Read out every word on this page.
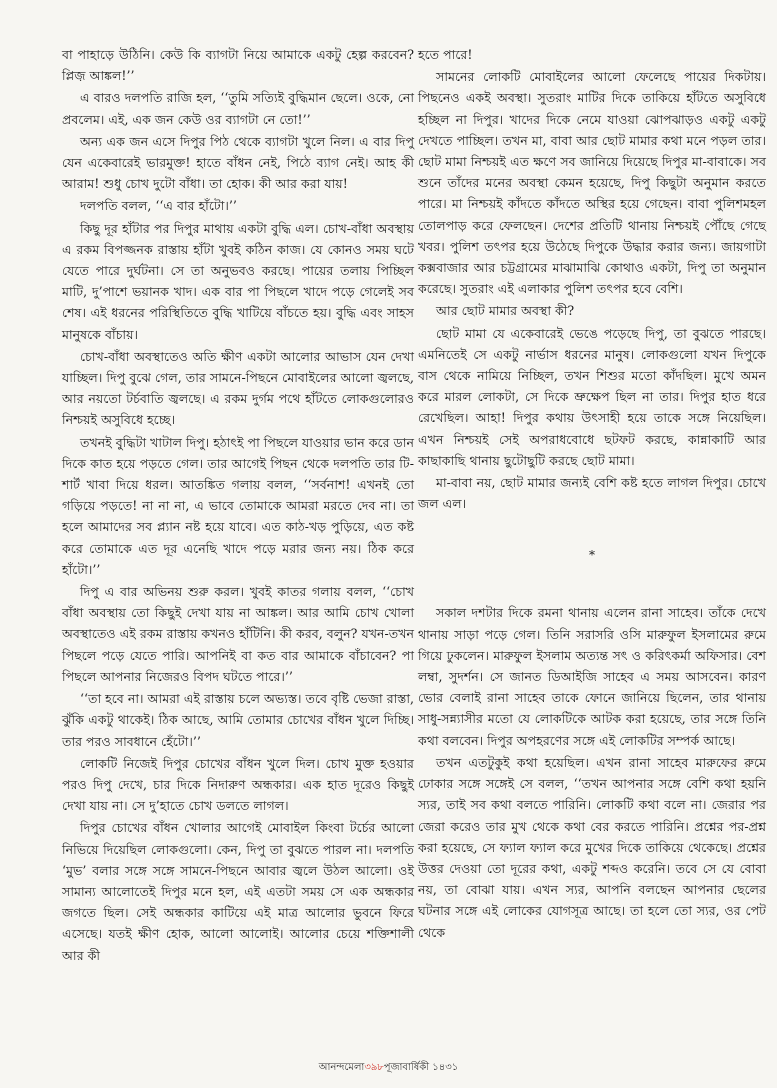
বা পাহাড়ে উঠিনি। কেউ কি ব্যাগটা নিয়ে আমাকে একটু হেল্প করবেন? প্লিজ় আঙ্কল!’’

এ বারও দলপতি রাজি হল, ‘‘তুমি সত্যিই বুদ্ধিমান ছেলে। ওকে, নো প্রবলেম। এই, এক জন কেউ ওর ব্যাগটা নে তো!’’

অন্য এক জন এসে দিপুর পিঠ থেকে ব্যাগটা খুলে নিল। এ বার দিপু যেন একেবারেই ভারমুক্ত! হাতে বাঁধন নেই, পিঠে ব্যাগ নেই। আহ কী আরাম! শুধু চোখ দুটো বাঁধা। তা হোক। কী আর করা যায়!

দলপতি বলল, ‘‘এ বার হাঁটো।’’

কিছু দূর হাঁটার পর দিপুর মাথায় একটা বুদ্ধি এল। চোখ-বাঁধা অবস্থায় এ রকম বিপজ্জনক রাস্তায় হাঁটা খুবই কঠিন কাজ। যে কোনও সময় ঘটে যেতে পারে দুর্ঘটনা। সে তা অনুভবও করছে। পায়ের তলায় পিচ্ছিল মাটি, দু’পাশে ভয়ানক খাদ। এক বার পা পিছলে খাদে পড়ে গেলেই সব শেষ। এই ধরনের পরিস্থিতিতে বুদ্ধি খাটিয়ে বাঁচতে হয়। বুদ্ধি এবং সাহস মানুষকে বাঁচায়।

চোখ-বাঁধা অবস্থাতেও অতি ক্ষীণ একটা আলোর আভাস যেন দেখা যাচ্ছিল। দিপু বুঝে গেল, তার সামনে-পিছনে মোবাইলের আলো জ্বলছে, আর নয়তো টর্চবাতি জ্বলছে। এ রকম দুর্গম পথে হাঁটতে লোকগুলোরও নিশ্চয়ই অসুবিধে হচ্ছে।

তখনই বুদ্ধিটা খাটাল দিপু। হঠাৎই পা পিছলে যাওয়ার ভান করে ডান দিকে কাত হয়ে পড়তে গেল। তার আগেই পিছন থেকে দলপতি তার টি-শার্ট খাবা দিয়ে ধরল। আতঙ্কিত গলায় বলল, ‘‘সর্বনাশ! এখনই তো গড়িয়ে পড়তে! না না না, এ ভাবে তোমাকে আমরা মরতে দেব না। তা হলে আমাদের সব প্ল্যান নষ্ট হয়ে যাবে। এত কাঠ-খড় পুড়িয়ে, এত কষ্ট করে তোমাকে এত দূর এনেছি খাদে পড়ে মরার জন্য নয়। ঠিক করে হাঁটো।’’

দিপু এ বার অভিনয় শুরু করল। খুবই কাতর গলায় বলল, ‘‘চোখ বাঁধা অবস্থায় তো কিছুই দেখা যায় না আঙ্কল। আর আমি চোখ খোলা অবস্থাতেও এই রকম রাস্তায় কখনও হাঁটিনি। কী করব, বলুন? যখন-তখন পিছলে পড়ে যেতে পারি। আপনিই বা কত বার আমাকে বাঁচাবেন? পা পিছলে আপনার নিজেরও বিপদ ঘটতে পারে।’’

‘‘তা হবে না। আমরা এই রাস্তায় চলে অভ্যস্ত। তবে বৃষ্টি ভেজা রাস্তা, ঝুঁকি একটু থাকেই। ঠিক আছে, আমি তোমার চোখের বাঁধন খুলে দিচ্ছি। তার পরও সাবধানে হেঁটো।’’

লোকটি নিজেই দিপুর চোখের বাঁধন খুলে দিল। চোখ মুক্ত হওয়ার পরও দিপু দেখে, চার দিকে নিদারুণ অন্ধকার। এক হাত দূরেও কিছুই দেখা যায় না। সে দু’হাতে চোখ ডলতে লাগল।

দিপুর চোখের বাঁধন খোলার আগেই মোবাইল কিংবা টর্চের আলো নিভিয়ে দিয়েছিল লোকগুলো। কেন, দিপু তা বুঝতে পারল না। দলপতি ‘মুভ’ বলার সঙ্গে সঙ্গে সামনে-পিছনে আবার জ্বলে উঠল আলো। ওই সামান্য আলোতেই দিপুর মনে হল, এই এতটা সময় সে এক অন্ধকার জগতে ছিল। সেই অন্ধকার কাটিয়ে এই মাত্র আলোর ভুবনে ফিরে এসেছে। যতই ক্ষীণ হোক, আলো আলোই। আলোর চেয়ে শক্তিশালী আর কী

হতে পারে!

সামনের লোকটি মোবাইলের আলো ফেলেছে পায়ের দিকটায়। পিছনেও একই অবস্থা। সুতরাং মাটির দিকে তাকিয়ে হাঁটতে অসুবিধে হচ্ছিল না দিপুর। খাদের দিকে নেমে যাওয়া ঝোপঝাড়ও একটু একটু দেখতে পাচ্ছিল। তখন মা, বাবা আর ছোট মামার কথা মনে পড়ল তার। ছোট মামা নিশ্চয়ই এত ক্ষণে সব জানিয়ে দিয়েছে দিপুর মা-বাবাকে। সব শুনে তাঁদের মনের অবস্থা কেমন হয়েছে, দিপু কিছুটা অনুমান করতে পারে। মা নিশ্চয়ই কাঁদতে কাঁদতে অস্থির হয়ে গেছেন। বাবা পুলিশমহল তোলপাড় করে ফেলছেন। দেশের প্রতিটি থানায় নিশ্চয়ই পৌঁছে গেছে খবর। পুলিশ তৎপর হয়ে উঠেছে দিপুকে উদ্ধার করার জন্য। জায়গাটা কক্সবাজার আর চট্টগ্রামের মাঝামাঝি কোথাও একটা, দিপু তা অনুমান করেছে। সুতরাং এই এলাকার পুলিশ তৎপর হবে বেশি।

আর ছোট মামার অবস্থা কী?

ছোট মামা যে একেবারেই ভেঙে পড়েছে দিপু, তা বুঝতে পারছে। এমনিতেই সে একটু নার্ভাস ধরনের মানুষ। লোকগুলো যখন দিপুকে বাস থেকে নামিয়ে নিচ্ছিল, তখন শিশুর মতো কাঁদছিল। মুখে অমন করে মারল লোকটা, সে দিকে ভ্রুক্ষেপ ছিল না তার। দিপুর হাত ধরে রেখেছিল। আহা! দিপুর কথায় উৎসাহী হয়ে তাকে সঙ্গে নিয়েছিল। এখন নিশ্চয়ই সেই অপরাধবোধে ছটফট করছে, কান্নাকাটি আর কাছাকাছি থানায় ছুটোছুটি করছে ছোট মামা।

মা-বাবা নয়, ছোট মামার জন্যই বেশি কষ্ট হতে লাগল দিপুর। চোখে জল এল।

*

সকাল দশটার দিকে রমনা থানায় এলেন রানা সাহেব। তাঁকে দেখে থানায় সাড়া পড়ে গেল। তিনি সরাসরি ওসি মারুফুল ইসলামের রুমে গিয়ে ঢুকলেন। মারুফুল ইসলাম অত্যন্ত সৎ ও করিৎকর্মা অফিসার। বেশ লম্বা, সুদর্শন। সে জানত ডিআইজি সাহেব এ সময় আসবেন। কারণ ভোর বেলাই রানা সাহেব তাকে ফোনে জানিয়ে ছিলেন, তার থানায় সাধু-সন্ন্যাসীর মতো যে লোকটিকে আটক করা হয়েছে, তার সঙ্গে তিনি কথা বলবেন। দিপুর অপহরণের সঙ্গে এই লোকটির সম্পর্ক আছে।

তখন এতটুকুই কথা হয়েছিল। এখন রানা সাহেব মারুফের রুমে ঢোকার সঙ্গে সঙ্গেই সে বলল, ‘‘তখন আপনার সঙ্গে বেশি কথা হয়নি স্যর, তাই সব কথা বলতে পারিনি। লোকটি কথা বলে না। জেরার পর জেরা করেও তার মুখ থেকে কথা বের করতে পারিনি। প্রশ্নের পর-প্রশ্ন করা হয়েছে, সে ফ্যাল ফ্যাল করে মুখের দিকে তাকিয়ে থেকেছে। প্রশ্নের উত্তর দেওয়া তো দূরের কথা, একটু শব্দও করেনি। তবে সে যে বোবা নয়, তা বোঝা যায়। এখন স্যর, আপনি বলছেন আপনার ছেলের ঘটনার সঙ্গে এই লোকের যোগসূত্র আছে। তা হলে তো স্যর, ওর পেট থেকে

আনন্দমেলা৩৯৮পূজাবার্ষিকী ১৪৩১
